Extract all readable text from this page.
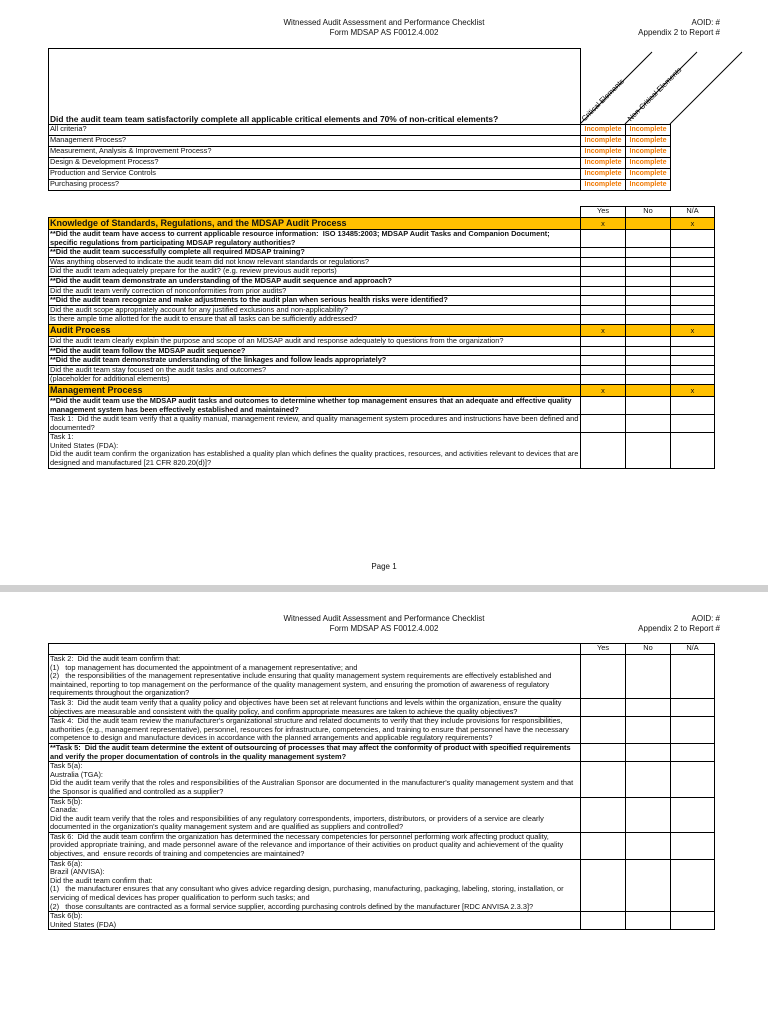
Witnessed Audit Assessment and Performance Checklist
Form MDSAP AS F0012.4.002
AOID: #
Appendix 2 to Report #
Critical Elements Non-Critical Elements
Did the audit team team satisfactorily complete all applicable critical elements and 70% of non-critical elements?		
All criteria?	Incomplete	Incomplete
Management Process?	Incomplete	Incomplete
Measurement, Analysis & Improvement Process?	Incomplete	Incomplete
Design & Development Process?	Incomplete	Incomplete
Production and Service Controls	Incomplete	Incomplete
Purchasing process?	Incomplete	Incomplete
	Yes	No	N/A
Knowledge of Standards, Regulations, and the MDSAP Audit Process	x		x
**Did the audit team have access to current applicable resource information:  ISO 13485:2003; MDSAP Audit Tasks and Companion Document; specific regulations from participating MDSAP regulatory authorities?			
**Did the audit team successfully complete all required MDSAP training?			
Was anything observed to indicate the audit team did not know relevant standards or regulations?			
Did the audit team adequately prepare for the audit? (e.g. review previous audit reports)			
**Did the audit team demonstrate an understanding of the MDSAP audit sequence and approach?			
Did the audit team verify correction of nonconformities from prior audits?			
**Did the audit team recognize and make adjustments to the audit plan when serious health risks were identified?			
Did the audit scope appropriately account for any justified exclusions and non-applicability?			
Is there ample time allotted for the audit to ensure that all tasks can be sufficiently addressed?			
Audit Process	x		x
Did the audit team clearly explain the purpose and scope of an MDSAP audit and response adequately to questions from the organization?			
**Did the audit team follow the MDSAP audit sequence?			
**Did the audit team demonstrate understanding of the linkages and follow leads appropriately?			
Did the audit team stay focused on the audit tasks and outcomes?			
(placeholder for additional elements)			
Management Process	x		x
**Did the audit team use the MDSAP audit tasks and outcomes to determine whether top management ensures that an adequate and effective quality management system has been effectively established and maintained?			
Task 1:  Did the audit team verify that a quality manual, management review, and quality management system procedures and instructions have been defined and documented?			
Task 1:
United States (FDA):
Did the audit team confirm the organization has established a quality plan which defines the quality practices, resources, and activities relevant to devices that are designed and manufactured [21 CFR 820.20(d)]?			
Page 1
Witnessed Audit Assessment and Performance Checklist
Form MDSAP AS F0012.4.002
AOID: #
Appendix 2 to Report #
	Yes	No	N/A
Task 2:  Did the audit team confirm that:
(1)   top management has documented the appointment of a management representative; and
(2)   the responsibilities of the management representative include ensuring that quality management system requirements are effectively established and maintained, reporting to top management on the performance of the quality management system, and ensuring the promotion of awareness of regulatory requirements throughout the organization?			
Task 3:  Did the audit team verify that a quality policy and objectives have been set at relevant functions and levels within the organization, ensure the quality objectives are measurable and consistent with the quality policy, and confirm appropriate measures are taken to achieve the quality objectives?			
Task 4:  Did the audit team review the manufacturer's organizational structure and related documents to verify that they include provisions for responsibilities, authorities (e.g., management representative), personnel, resources for infrastructure, competencies, and training to ensure that personnel have the necessary competence to design and manufacture devices in accordance with the planned arrangements and applicable regulatory requirements?			
**Task 5:  Did the audit team determine the extent of outsourcing of processes that may affect the conformity of product with specified requirements and verify the proper documentation of controls in the quality management system?			
Task 5(a):
Australia (TGA):
Did the audit team verify that the roles and responsibilities of the Australian Sponsor are documented in the manufacturer's quality management system and that the Sponsor is qualified and controlled as a supplier?			
Task 5(b):
Canada:
Did the audit team verify that the roles and responsibilities of any regulatory correspondents, importers, distributors, or providers of a service are clearly documented in the organization's quality management system and are qualified as suppliers and controlled?			
Task 6:  Did the audit team confirm the organization has determined the necessary competencies for personnel performing work affecting product quality, provided appropriate training, and made personnel aware of the relevance and importance of their activities on product quality and achievement of the quality objectives, and  ensure records of training and competencies are maintained?			
Task 6(a):
Brazil (ANVISA):
Did the audit team confirm that:
(1)   the manufacturer ensures that any consultant who gives advice regarding design, purchasing, manufacturing, packaging, labeling, storing, installation, or servicing of medical devices has proper qualification to perform such tasks; and
(2)   those consultants are contracted as a formal service supplier, according purchasing controls defined by the manufacturer [RDC ANVISA 2.3.3]?			
Task 6(b):
United States (FDA)			
